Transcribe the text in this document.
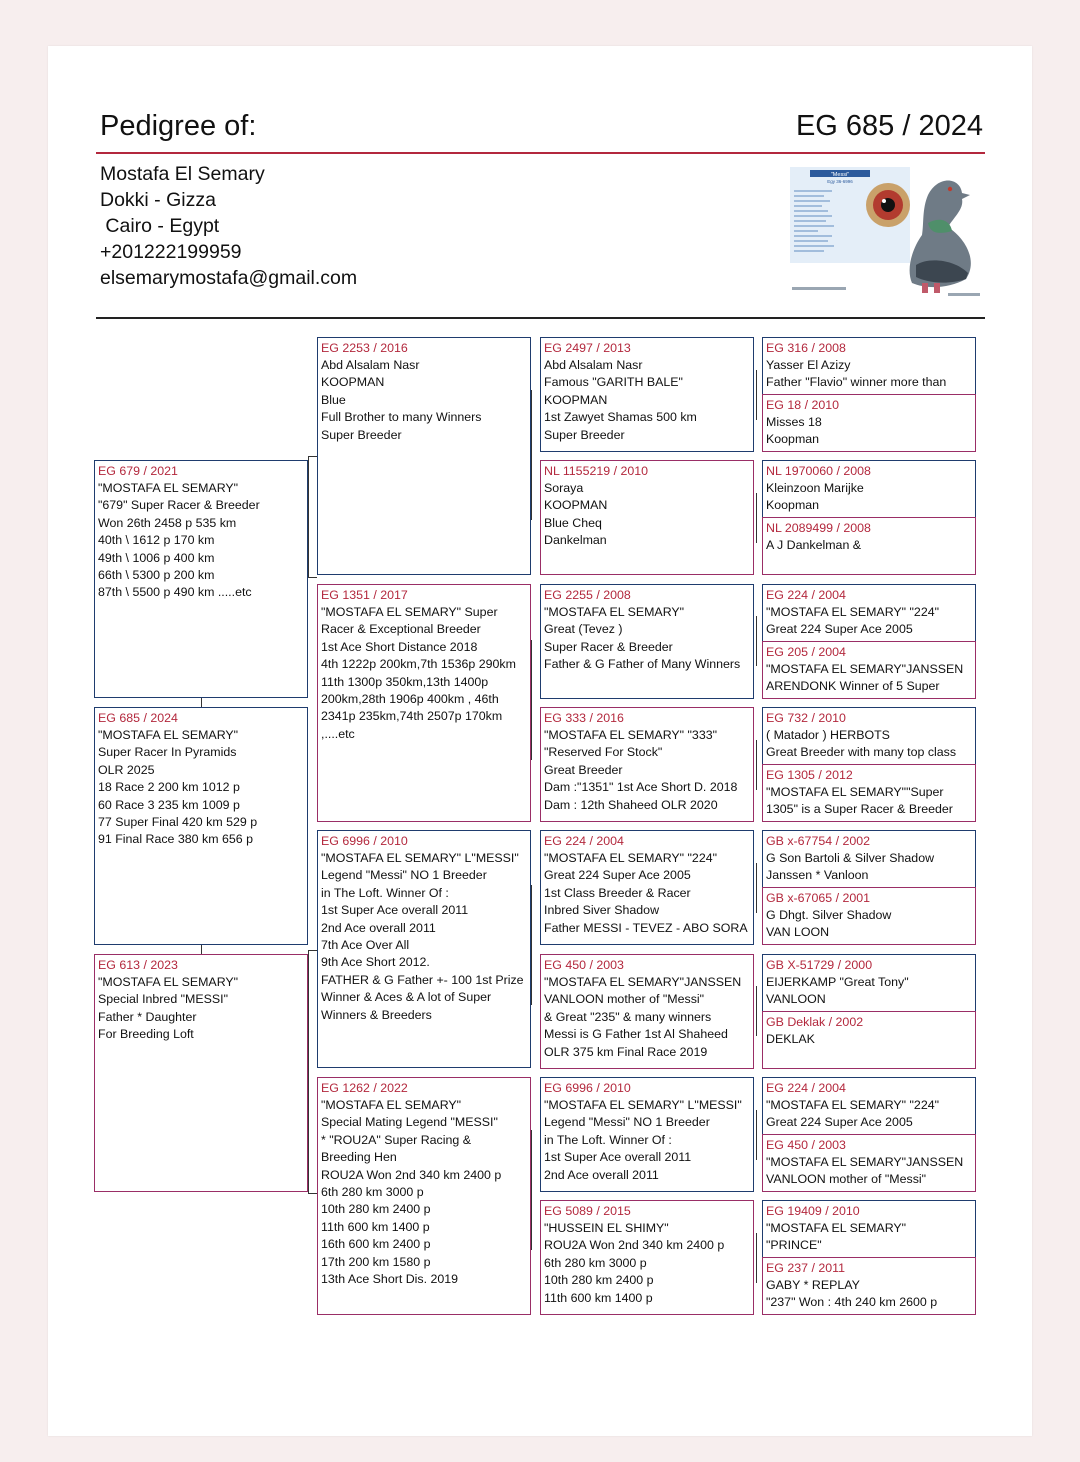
Pedigree of:	EG 685 / 2024
Mostafa El Semary
Dokki - Gizza
Cairo - Egypt
+201222199959
elsemarymostafa@gmail.com
"Messi"
Egy 36-6996
EG 679 / 2021
"MOSTAFA EL SEMARY"
"679" Super Racer & Breeder
Won 26th 2458 p 535 km
40th \ 1612 p 170 km
49th \ 1006 p 400 km
66th \ 5300 p 200 km
87th \ 5500 p 490 km .....etc
EG 685 / 2024
"MOSTAFA EL SEMARY"
Super Racer In Pyramids
OLR 2025
18 Race 2 200 km 1012 p
60 Race 3 235 km 1009 p
77 Super Final 420 km 529 p
91 Final Race 380 km 656 p
EG 613 / 2023
"MOSTAFA EL SEMARY"
Special Inbred "MESSI"
Father * Daughter
For Breeding Loft
EG 2253 / 2016
Abd Alsalam Nasr
KOOPMAN
Blue
Full Brother to many Winners
Super Breeder
EG 1351 / 2017
"MOSTAFA EL SEMARY" Super
Racer & Exceptional Breeder
1st Ace Short Distance 2018
4th 1222p 200km,7th 1536p 290km
11th 1300p 350km,13th 1400p
200km,28th 1906p 400km , 46th
2341p 235km,74th 2507p 170km
,....etc
EG 6996 / 2010
"MOSTAFA EL SEMARY" L"MESSI"
Legend "Messi" NO 1 Breeder
in The Loft. Winner Of :
1st Super Ace overall 2011
2nd Ace overall 2011
7th Ace Over All
9th Ace Short 2012.
FATHER & G Father +- 100 1st Prize
Winner & Aces & A lot of Super
Winners & Breeders
EG 1262 / 2022
"MOSTAFA EL SEMARY"
Special Mating Legend "MESSI"
* "ROU2A" Super Racing &
Breeding Hen
ROU2A Won 2nd 340 km 2400 p
6th 280 km 3000 p
10th 280 km 2400 p
11th 600 km 1400 p
16th 600 km 2400 p
17th 200 km 1580 p
13th Ace Short Dis. 2019
EG 2497 / 2013
Abd Alsalam Nasr
Famous "GARITH BALE"
KOOPMAN
1st Zawyet Shamas 500 km
Super Breeder
NL 1155219 / 2010
Soraya
KOOPMAN
Blue Cheq
Dankelman
EG 2255 / 2008
"MOSTAFA EL SEMARY"
Great (Tevez )
Super Racer & Breeder
Father & G Father of Many Winners
EG 333 / 2016
"MOSTAFA EL SEMARY" "333"
"Reserved For Stock"
Great Breeder
Dam :"1351" 1st Ace Short D. 2018
Dam : 12th Shaheed OLR 2020
EG 224 / 2004
"MOSTAFA EL SEMARY" "224"
Great 224 Super Ace 2005
1st Class Breeder & Racer
Inbred Siver Shadow
Father MESSI - TEVEZ - ABO SORA
EG 450 / 2003
"MOSTAFA EL SEMARY"JANSSEN
VANLOON mother of "Messi"
& Great "235" & many winners
Messi is G Father 1st Al Shaheed
OLR 375 km Final Race 2019
EG 6996 / 2010
"MOSTAFA EL SEMARY" L"MESSI"
Legend "Messi" NO 1 Breeder
in The Loft. Winner Of :
1st Super Ace overall 2011
2nd Ace overall 2011
EG 5089 / 2015
"HUSSEIN EL SHIMY"
ROU2A Won 2nd 340 km 2400 p
6th 280 km 3000 p
10th 280 km 2400 p
11th 600 km 1400 p
EG 316 / 2008
Yasser El Azizy
Father "Flavio" winner more than
EG 18 / 2010
Misses 18
Koopman
NL 1970060 / 2008
Kleinzoon Marijke
Koopman
NL 2089499 / 2008
A J Dankelman &
EG 224 / 2004
"MOSTAFA EL SEMARY" "224"
Great 224 Super Ace 2005
EG 205 / 2004
"MOSTAFA EL SEMARY"JANSSEN
ARENDONK Winner of 5 Super
EG 732 / 2010
( Matador ) HERBOTS
Great Breeder with many top class
EG 1305 / 2012
"MOSTAFA EL SEMARY""Super
1305" is a Super Racer & Breeder
GB x-67754 / 2002
G Son Bartoli & Silver Shadow
Janssen * Vanloon
GB x-67065 / 2001
G Dhgt. Silver Shadow
VAN LOON
GB X-51729 / 2000
EIJERKAMP "Great Tony"
VANLOON
GB Deklak / 2002
DEKLAK
EG 224 / 2004
"MOSTAFA EL SEMARY" "224"
Great 224 Super Ace 2005
EG 450 / 2003
"MOSTAFA EL SEMARY"JANSSEN
VANLOON mother of "Messi"
EG 19409 / 2010
"MOSTAFA EL SEMARY"
"PRINCE"
EG 237 / 2011
GABY * REPLAY
"237" Won : 4th 240 km 2600 p
